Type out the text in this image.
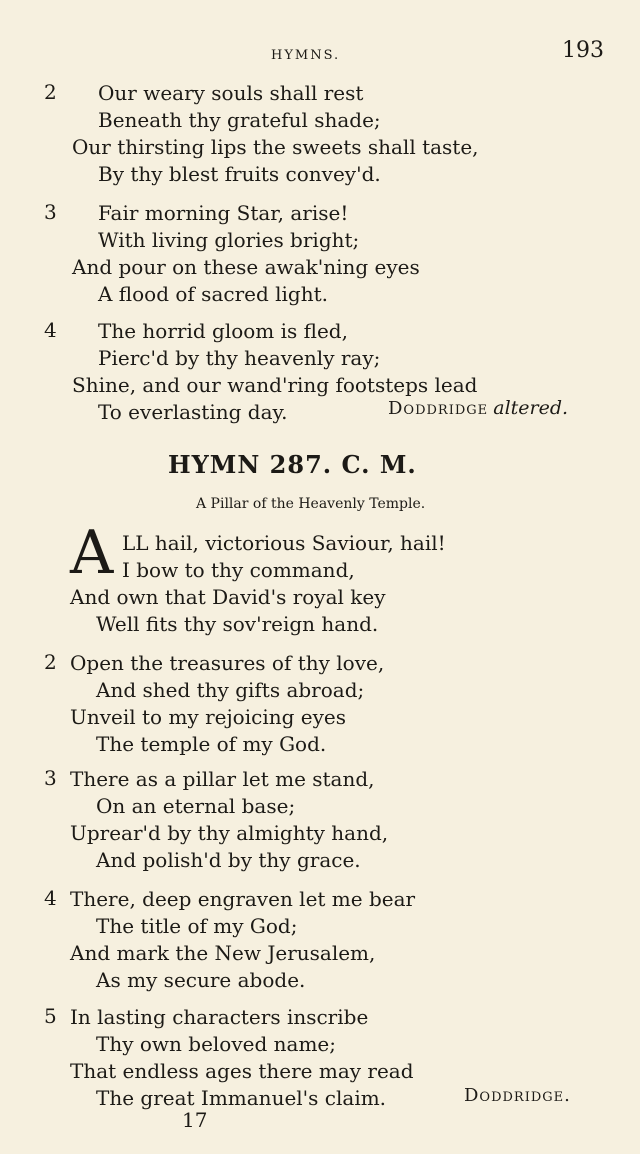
HYMNS.	193
2 Our weary souls shall rest
Beneath thy grateful shade;
Our thirsting lips the sweets shall taste,
By thy blest fruits convey'd.
3 Fair morning Star, arise!
With living glories bright;
And pour on these awak'ning eyes
A flood of sacred light.
4 The horrid gloom is fled,
Pierc'd by thy heavenly ray;
Shine, and our wand'ring footsteps lead
To everlasting day.	Doddridge altered.
HYMN 287. C. M.
A Pillar of the Heavenly Temple.
A LL hail, victorious Saviour, hail!
I bow to thy command,
And own that David's royal key
Well fits thy sov'reign hand.
2 Open the treasures of thy love,
And shed thy gifts abroad;
Unveil to my rejoicing eyes
The temple of my God.
3 There as a pillar let me stand,
On an eternal base;
Uprear'd by thy almighty hand,
And polish'd by thy grace.
4 There, deep engraven let me bear
The title of my God;
And mark the New Jerusalem,
As my secure abode.
5 In lasting characters inscribe
Thy own beloved name;
That endless ages there may read
The great Immanuel's claim.	Doddridge.
17
